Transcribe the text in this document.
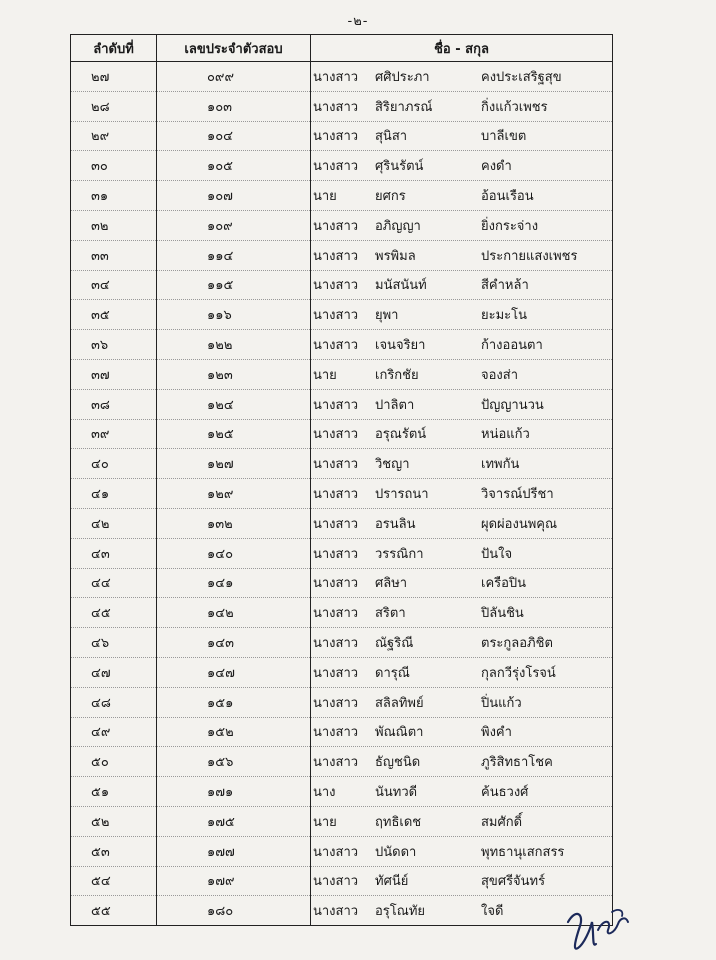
-๒-
ลำดับที่	เลขประจำตัวสอบ	ชื่อ - สกุล
๒๗	๐๙๙	นางสาว ศศิประภา คงประเสริฐสุข

๒๘	๑๐๓	นางสาว สิริยาภรณ์ กิ่งแก้วเพชร

๒๙	๑๐๔	นางสาว สุนิสา บาลีเขต

๓๐	๑๐๕	นางสาว ศุรินรัตน์ คงดำ

๓๑	๑๐๗	นาย ยศกร อ้อนเรือน

๓๒	๑๐๙	นางสาว อภิญญา ยิ่งกระจ่าง

๓๓	๑๑๔	นางสาว พรพิมล ประกายแสงเพชร

๓๔	๑๑๕	นางสาว มนัสนันท์ สีคำหล้า

๓๕	๑๑๖	นางสาว ยุพา ยะมะโน

๓๖	๑๒๒	นางสาว เจนจริยา ก้างออนตา

๓๗	๑๒๓	นาย เกริกชัย จองส่า

๓๘	๑๒๔	นางสาว ปาลิตา ปัญญานวน

๓๙	๑๒๕	นางสาว อรุณรัตน์ หน่อแก้ว

๔๐	๑๒๗	นางสาว วิชญา เทพกัน

๔๑	๑๒๙	นางสาว ปรารถนา วิจารณ์ปรีชา

๔๒	๑๓๒	นางสาว อรนลิน ผุดผ่องนพคุณ

๔๓	๑๔๐	นางสาว วรรณิกา ปันใจ

๔๔	๑๔๑	นางสาว ศลิษา เครือปิน

๔๕	๑๔๒	นางสาว สริตา ปิลันชิน

๔๖	๑๔๓	นางสาว ณัฐริณี ตระกูลอภิชิต

๔๗	๑๔๗	นางสาว ดารุณี กุลกวีรุ่งโรจน์

๔๘	๑๕๑	นางสาว สลิลทิพย์ ปิ่นแก้ว

๔๙	๑๕๒	นางสาว พัณณิตา พิงคำ

๕๐	๑๕๖	นางสาว ธัญชนิด ภูริสิทธาโชค

๕๑	๑๗๑	นาง นันทวดี ค้นธวงศ์

๕๒	๑๗๕	นาย ฤทธิเดช สมศักดิ์

๕๓	๑๗๗	นางสาว ปนัดดา พุทธานุเสกสรร

๕๔	๑๗๙	นางสาว ทัศนีย์ สุขศรีจันทร์

๕๕	๑๘๐	นางสาว อรุโณทัย ใจดี
